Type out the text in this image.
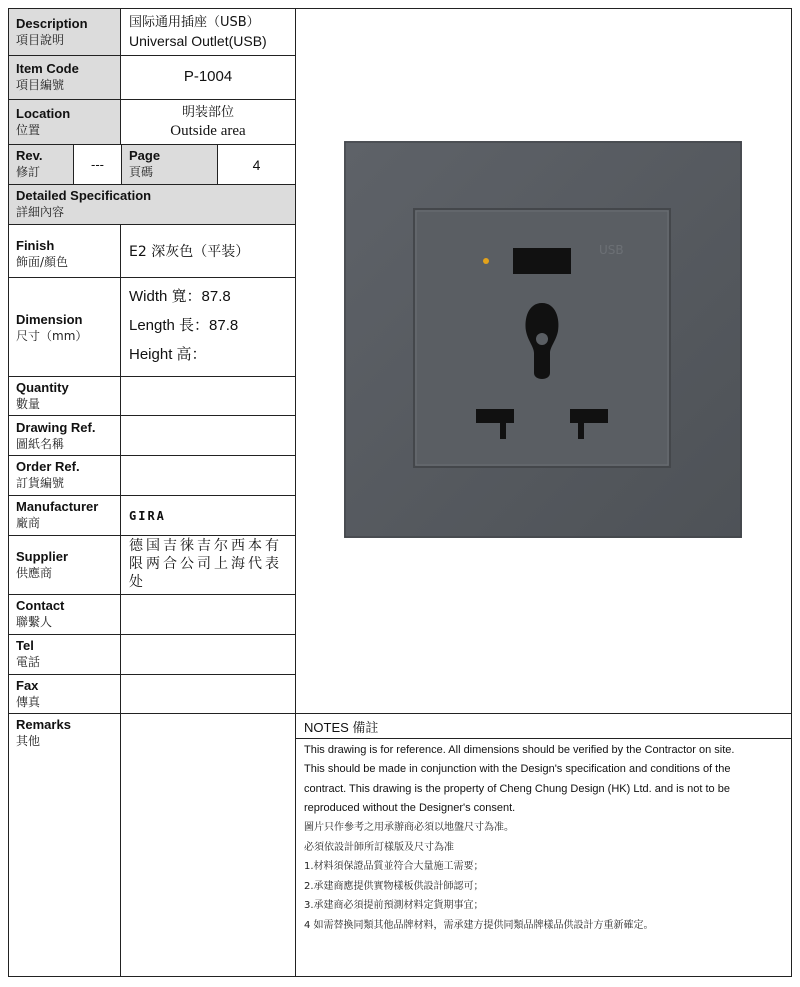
Description
項目說明
Item Code
項目編號
Location
位置
Rev.
修訂
Page
頁碼
Detailed Specification
詳細內容
Finish
飾面/顏色
Dimension
尺寸（mm）
Quantity
數量
Drawing Ref.
圖紙名稱
Order Ref.
訂貨編號
Manufacturer
廠商
Supplier
供應商
Contact
聯繫人
Tel
電話
Fax
傳真
Remarks
其他
国际通用插座（USB）
Universal Outlet(USB)
P-1004
明装部位
Outside area
---	4
E2 深灰色（平装）
Width 寬：87.8
Length 長：87.8
Height 高：
GIRA
德国吉徕吉尔西本有限两合公司上海代表处
USB
NOTES 備註

This drawing is for reference. All dimensions should be verified by the Contractor on site.

This should be made in conjunction with the Design's specification and conditions of the

contract. This drawing is the property of Cheng Chung Design (HK) Ltd. and is not to be

reproduced without the Designer's consent.

圖片只作參考之用承辦商必須以地盤尺寸為准。

必須依設計師所訂樣版及尺寸為准

1.材料須保證品質並符合大量施工需要；

2.承建商應提供實物樣板供設計師認可；

3.承建商必須提前預測材料定貨期事宜；

4 如需替換同類其他品牌材料，需承建方提供同類品牌樣品供設計方重新確定。
